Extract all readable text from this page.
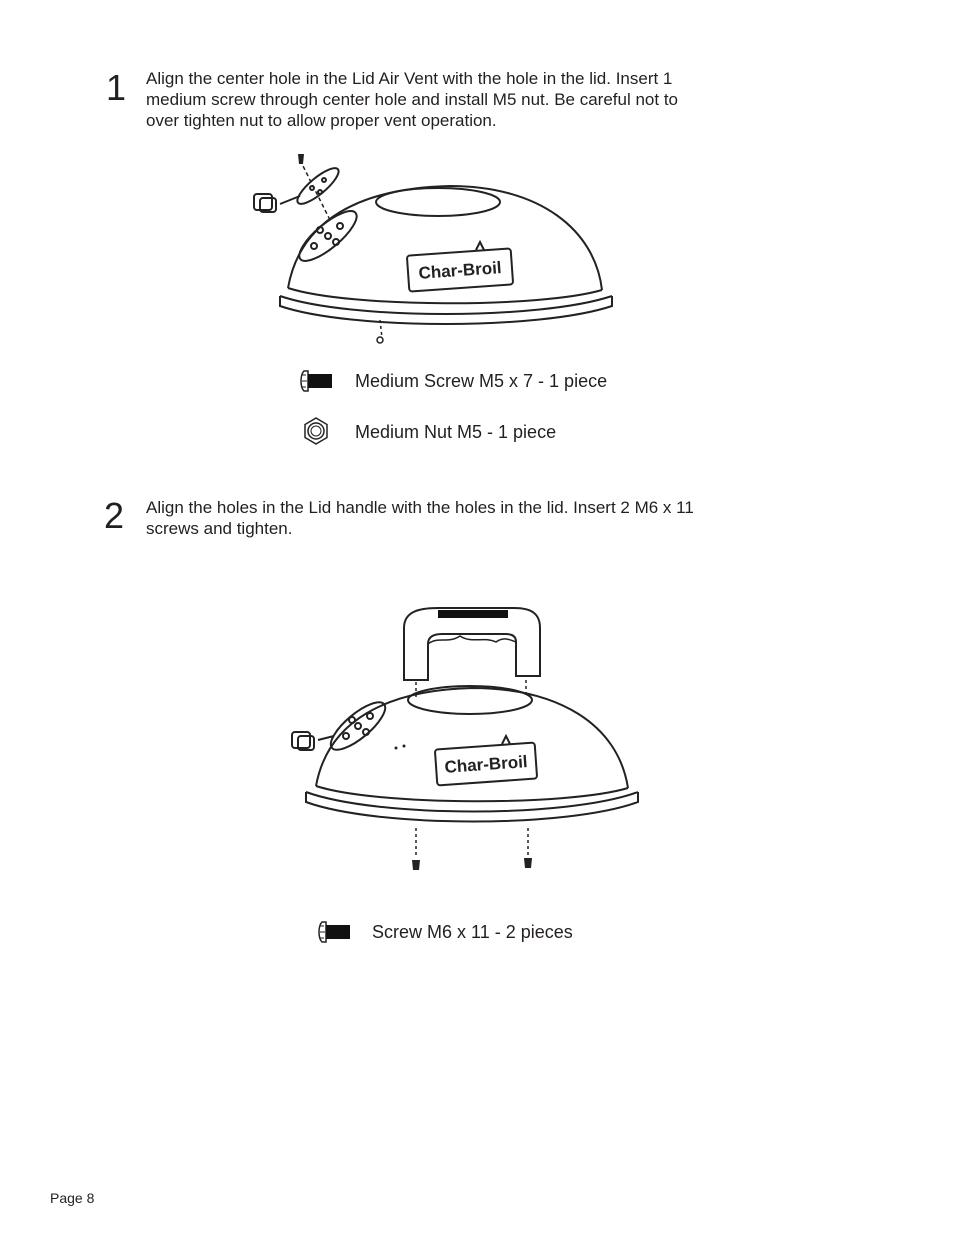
1 Align the center hole in the Lid Air Vent with the hole in the lid. Insert 1
medium screw through center hole and install M5 nut. Be careful not to
over tighten nut to allow proper vent operation.
Char-Broil
Medium Screw M5 x 7 - 1 piece
Medium Nut M5 - 1 piece
2 Align the holes in the Lid handle with the holes in the lid. Insert 2 M6 x 11
screws and tighten.
Char-Broil
Screw M6 x 11 - 2 pieces
Page 8
